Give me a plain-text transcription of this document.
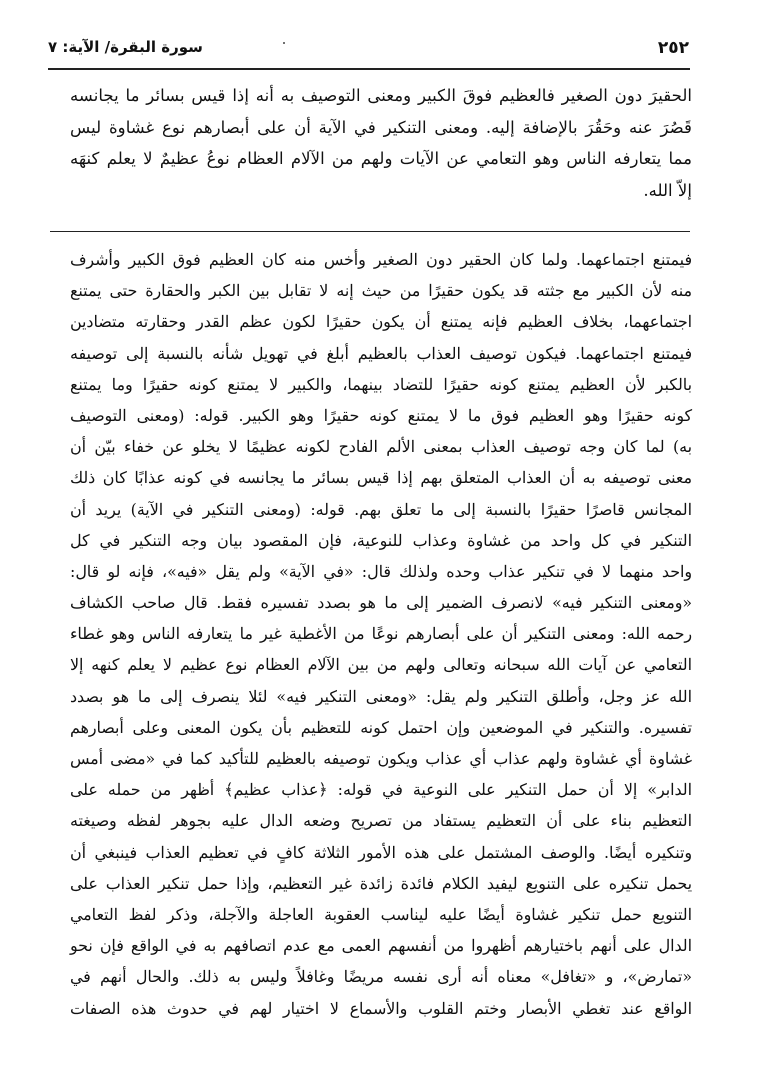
٢٥٢
سورة البقرة/ الآية: ٧
الحقيرَ دون الصغير فالعظيم فوقَ الكبير ومعنى التوصيف به أنه إذا قيس بسائر ما يجانسه
قَصُرَ عنه وحَقُرَ بالإضافة إليه. ومعنى التنكير في الآية أن على أبصارهم نوع غشاوة ليس
مما يتعارفه الناس وهو التعامي عن الآيات ولهم من الآلام العظام نوعُ عظيمٌ لا يعلم كنهَه
إلاّ الله.
فيمتنع اجتماعهما. ولما كان الحقير دون الصغير وأخس منه كان العظيم فوق الكبير وأشرف
منه لأن الكبير مع جثته قد يكون حقيرًا من حيث إنه لا تقابل بين الكبر والحقارة حتى يمتنع
اجتماعهما، بخلاف العظيم فإنه يمتنع أن يكون حقيرًا لكون عظم القدر وحقارته متضادين
فيمتنع اجتماعهما. فيكون توصيف العذاب بالعظيم أبلغ في تهويل شأنه بالنسبة إلى توصيفه
بالكبر لأن العظيم يمتنع كونه حقيرًا للتضاد بينهما، والكبير لا يمتنع كونه حقيرًا وما يمتنع
كونه حقيرًا وهو العظيم فوق ما لا يمتنع كونه حقيرًا وهو الكبير. قوله: (ومعنى التوصيف
به) لما كان وجه توصيف العذاب بمعنى الألم الفادح لكونه عظيمًا لا يخلو عن خفاء بيّن أن
معنى توصيفه به أن العذاب المتعلق بهم إذا قيس بسائر ما يجانسه في كونه عذابًا كان ذلك
المجانس قاصرًا حقيرًا بالنسبة إلى ما تعلق بهم. قوله: (ومعنى التنكير في الآية) يريد أن
التنكير في كل واحد من غشاوة وعذاب للنوعية، فإن المقصود بيان وجه التنكير في كل
واحد منهما لا في تنكير عذاب وحده ولذلك قال: «في الآية» ولم يقل «فيه»، فإنه لو قال:
«ومعنى التنكير فيه» لانصرف الضمير إلى ما هو بصدد تفسيره فقط. قال صاحب الكشاف
رحمه الله: ومعنى التنكير أن على أبصارهم نوعًا من الأغطية غير ما يتعارفه الناس وهو غطاء
التعامي عن آيات الله سبحانه وتعالى ولهم من بين الآلام العظام نوع عظيم لا يعلم كنهه إلا
الله عز وجل، وأطلق التنكير ولم يقل: «ومعنى التنكير فيه» لئلا ينصرف إلى ما هو بصدد
تفسيره. والتنكير في الموضعين وإن احتمل كونه للتعظيم بأن يكون المعنى وعلى أبصارهم
غشاوة أي غشاوة ولهم عذاب أي عذاب ويكون توصيفه بالعظيم للتأكيد كما في «مضى أمس
الدابر» إلا أن حمل التنكير على النوعية في قوله: ﴿عذاب عظيم﴾ أظهر من حمله على
التعظيم بناء على أن التعظيم يستفاد من تصريح وضعه الدال عليه بجوهر لفظه وصيغته
وتنكيره أيضًا. والوصف المشتمل على هذه الأمور الثلاثة كافٍ في تعظيم العذاب فينبغي أن
يحمل تنكيره على التنويع ليفيد الكلام فائدة زائدة غير التعظيم، وإذا حمل تنكير العذاب على
التنويع حمل تنكير غشاوة أيضًا عليه ليناسب العقوبة العاجلة والآجلة، وذكر لفظ التعامي
الدال على أنهم باختيارهم أظهروا من أنفسهم العمى مع عدم اتصافهم به في الواقع فإن نحو
«تمارض»، و «تغافل» معناه أنه أرى نفسه مريضًا وغافلاً وليس به ذلك. والحال أنهم في
الواقع عند تغطي الأبصار وختم القلوب والأسماع لا اختيار لهم في حدوث هذه الصفات
